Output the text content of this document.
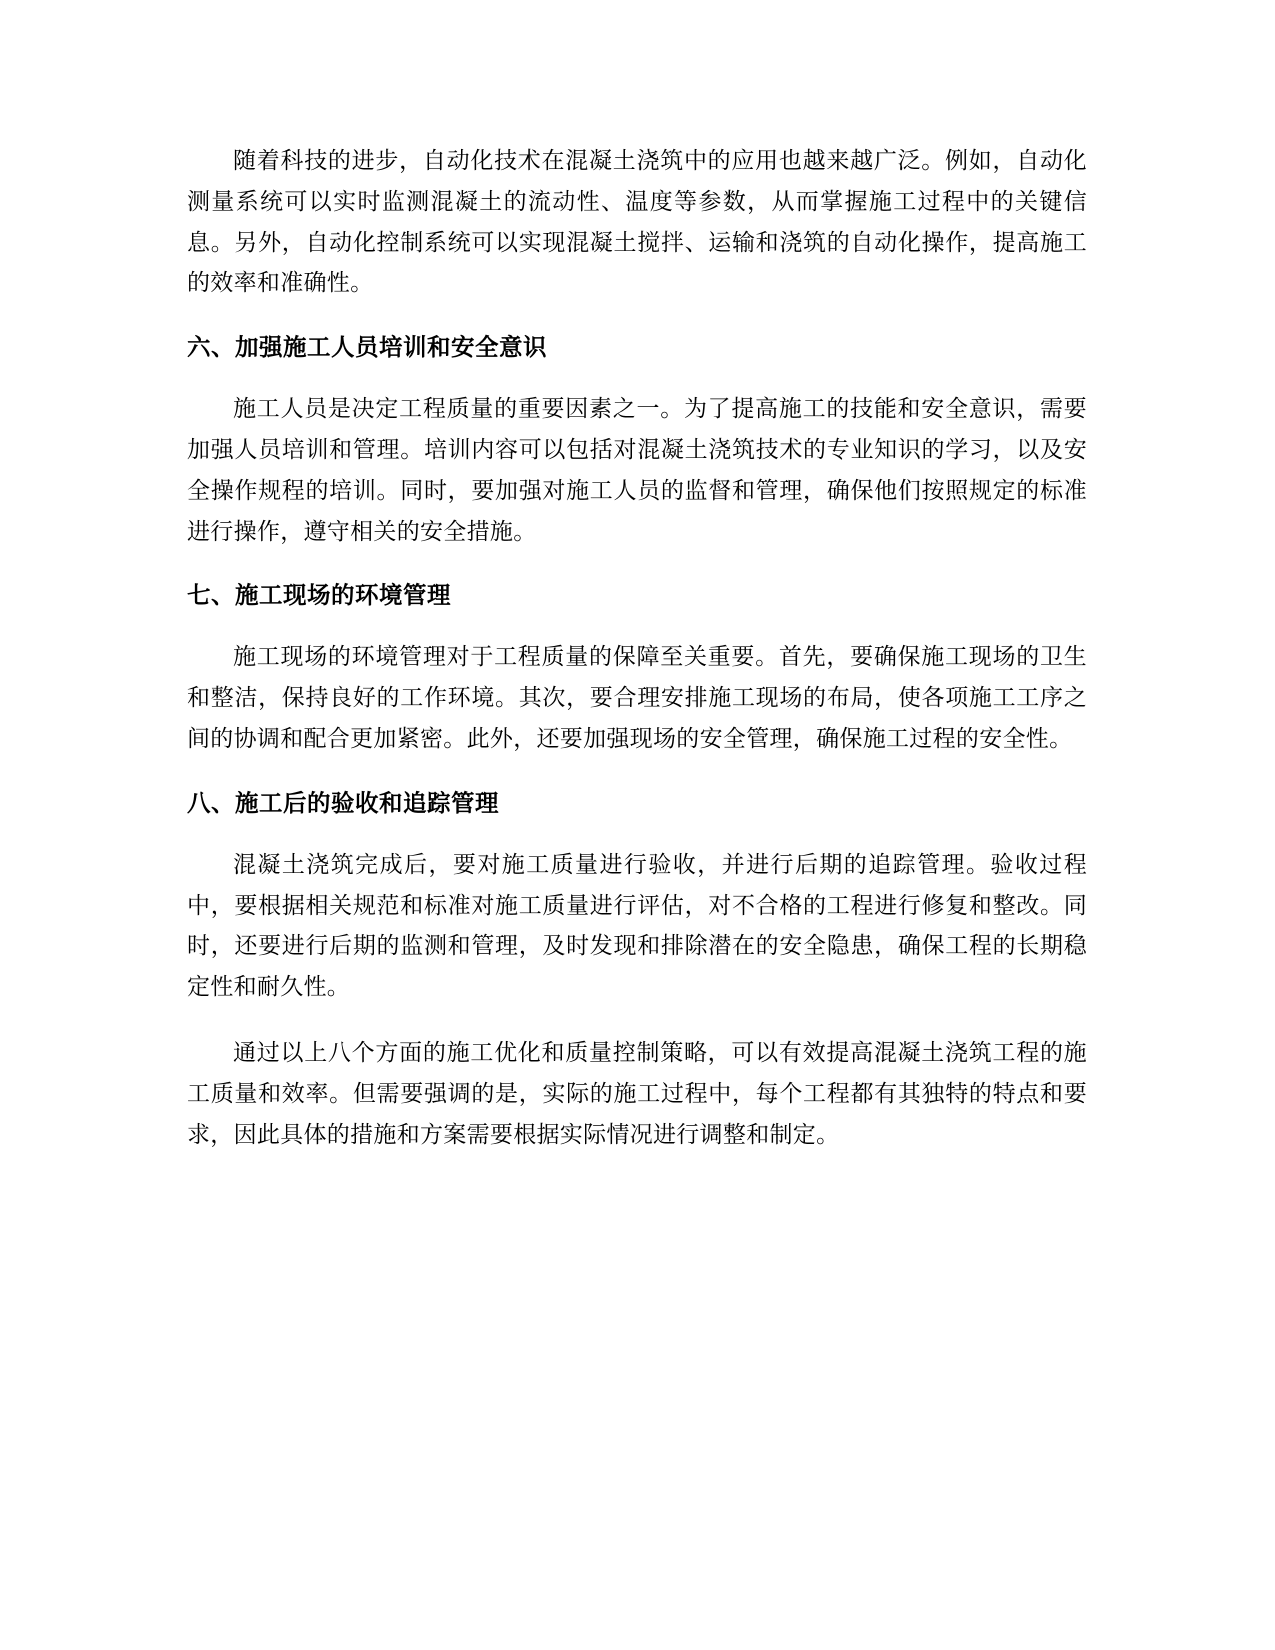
随着科技的进步，自动化技术在混凝土浇筑中的应用也越来越广泛。例如，自动化测量系统可以实时监测混凝土的流动性、温度等参数，从而掌握施工过程中的关键信息。另外，自动化控制系统可以实现混凝土搅拌、运输和浇筑的自动化操作，提高施工的效率和准确性。

六、加强施工人员培训和安全意识

施工人员是决定工程质量的重要因素之一。为了提高施工的技能和安全意识，需要加强人员培训和管理。培训内容可以包括对混凝土浇筑技术的专业知识的学习，以及安全操作规程的培训。同时，要加强对施工人员的监督和管理，确保他们按照规定的标准进行操作，遵守相关的安全措施。

七、施工现场的环境管理

施工现场的环境管理对于工程质量的保障至关重要。首先，要确保施工现场的卫生和整洁，保持良好的工作环境。其次，要合理安排施工现场的布局，使各项施工工序之间的协调和配合更加紧密。此外，还要加强现场的安全管理，确保施工过程的安全性。

八、施工后的验收和追踪管理

混凝土浇筑完成后，要对施工质量进行验收，并进行后期的追踪管理。验收过程中，要根据相关规范和标准对施工质量进行评估，对不合格的工程进行修复和整改。同时，还要进行后期的监测和管理，及时发现和排除潜在的安全隐患，确保工程的长期稳定性和耐久性。

通过以上八个方面的施工优化和质量控制策略，可以有效提高混凝土浇筑工程的施工质量和效率。但需要强调的是，实际的施工过程中，每个工程都有其独特的特点和要求，因此具体的措施和方案需要根据实际情况进行调整和制定。
